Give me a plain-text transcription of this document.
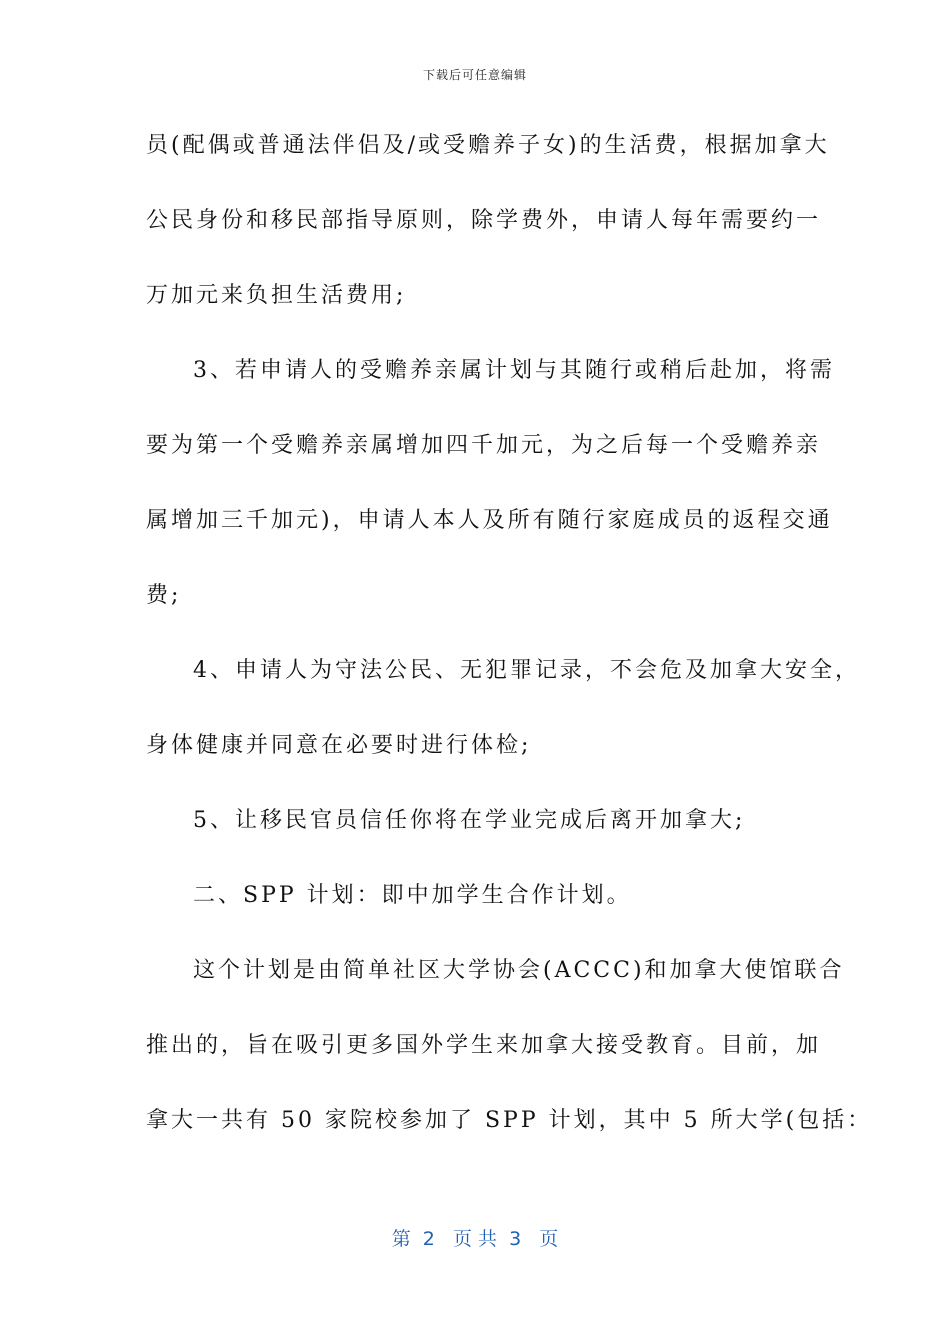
下载后可任意编辑
员(配偶或普通法伴侣及/或受赡养子女)的生活费，根据加拿大
公民身份和移民部指导原则，除学费外，申请人每年需要约一
万加元来负担生活费用;
3、若申请人的受赡养亲属计划与其随行或稍后赴加，将需
要为第一个受赡养亲属增加四千加元，为之后每一个受赡养亲
属增加三千加元)，申请人本人及所有随行家庭成员的返程交通
费;
4、申请人为守法公民、无犯罪记录，不会危及加拿大安全，
身体健康并同意在必要时进行体检;
5、让移民官员信任你将在学业完成后离开加拿大;
二、SPP 计划：即中加学生合作计划。
这个计划是由简单社区大学协会(ACCC)和加拿大使馆联合
推出的，旨在吸引更多国外学生来加拿大接受教育。目前，加
拿大一共有 50 家院校参加了 SPP 计划，其中 5 所大学(包括：
第  2   页 共  3   页
